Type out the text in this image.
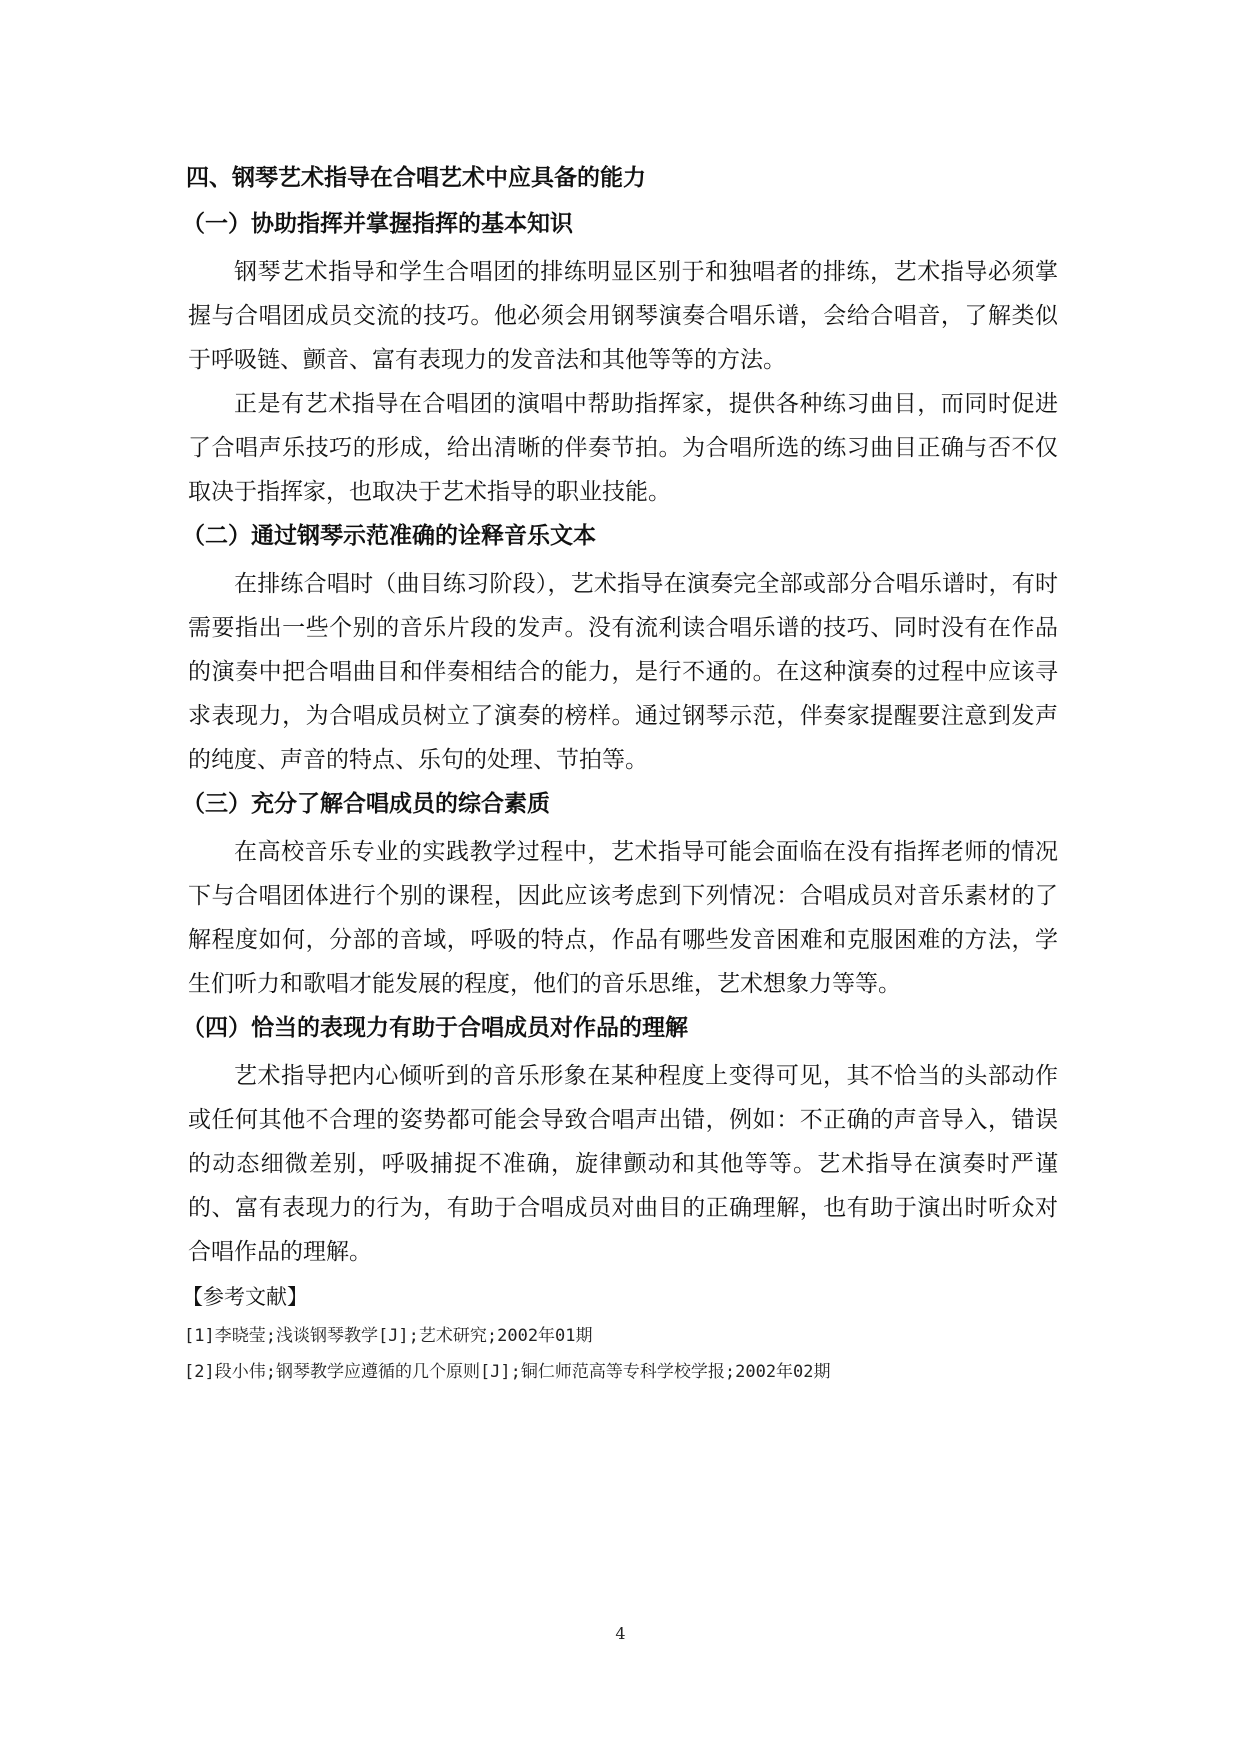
四、钢琴艺术指导在合唱艺术中应具备的能力
（一）协助指挥并掌握指挥的基本知识

钢琴艺术指导和学生合唱团的排练明显区别于和独唱者的排练，艺术指导必须掌握与合唱团成员交流的技巧。他必须会用钢琴演奏合唱乐谱，会给合唱音，了解类似于呼吸链、颤音、富有表现力的发音法和其他等等的方法。

正是有艺术指导在合唱团的演唱中帮助指挥家，提供各种练习曲目，而同时促进了合唱声乐技巧的形成，给出清晰的伴奏节拍。为合唱所选的练习曲目正确与否不仅取决于指挥家，也取决于艺术指导的职业技能。

（二）通过钢琴示范准确的诠释音乐文本

在排练合唱时（曲目练习阶段），艺术指导在演奏完全部或部分合唱乐谱时，有时需要指出一些个别的音乐片段的发声。没有流利读合唱乐谱的技巧、同时没有在作品的演奏中把合唱曲目和伴奏相结合的能力，是行不通的。在这种演奏的过程中应该寻求表现力，为合唱成员树立了演奏的榜样。通过钢琴示范，伴奏家提醒要注意到发声的纯度、声音的特点、乐句的处理、节拍等。

（三）充分了解合唱成员的综合素质

在高校音乐专业的实践教学过程中，艺术指导可能会面临在没有指挥老师的情况下与合唱团体进行个别的课程，因此应该考虑到下列情况：合唱成员对音乐素材的了解程度如何，分部的音域，呼吸的特点，作品有哪些发音困难和克服困难的方法，学生们听力和歌唱才能发展的程度，他们的音乐思维，艺术想象力等等。

（四）恰当的表现力有助于合唱成员对作品的理解

艺术指导把内心倾听到的音乐形象在某种程度上变得可见，其不恰当的头部动作或任何其他不合理的姿势都可能会导致合唱声出错，例如：不正确的声音导入，错误的动态细微差别，呼吸捕捉不准确，旋律颤动和其他等等。艺术指导在演奏时严谨的、富有表现力的行为，有助于合唱成员对曲目的正确理解，也有助于演出时听众对合唱作品的理解。

【参考文献】
[1]李晓莹;浅谈钢琴教学[J];艺术研究;2002年01期
[2]段小伟;钢琴教学应遵循的几个原则[J];铜仁师范高等专科学校学报;2002年02期
4
